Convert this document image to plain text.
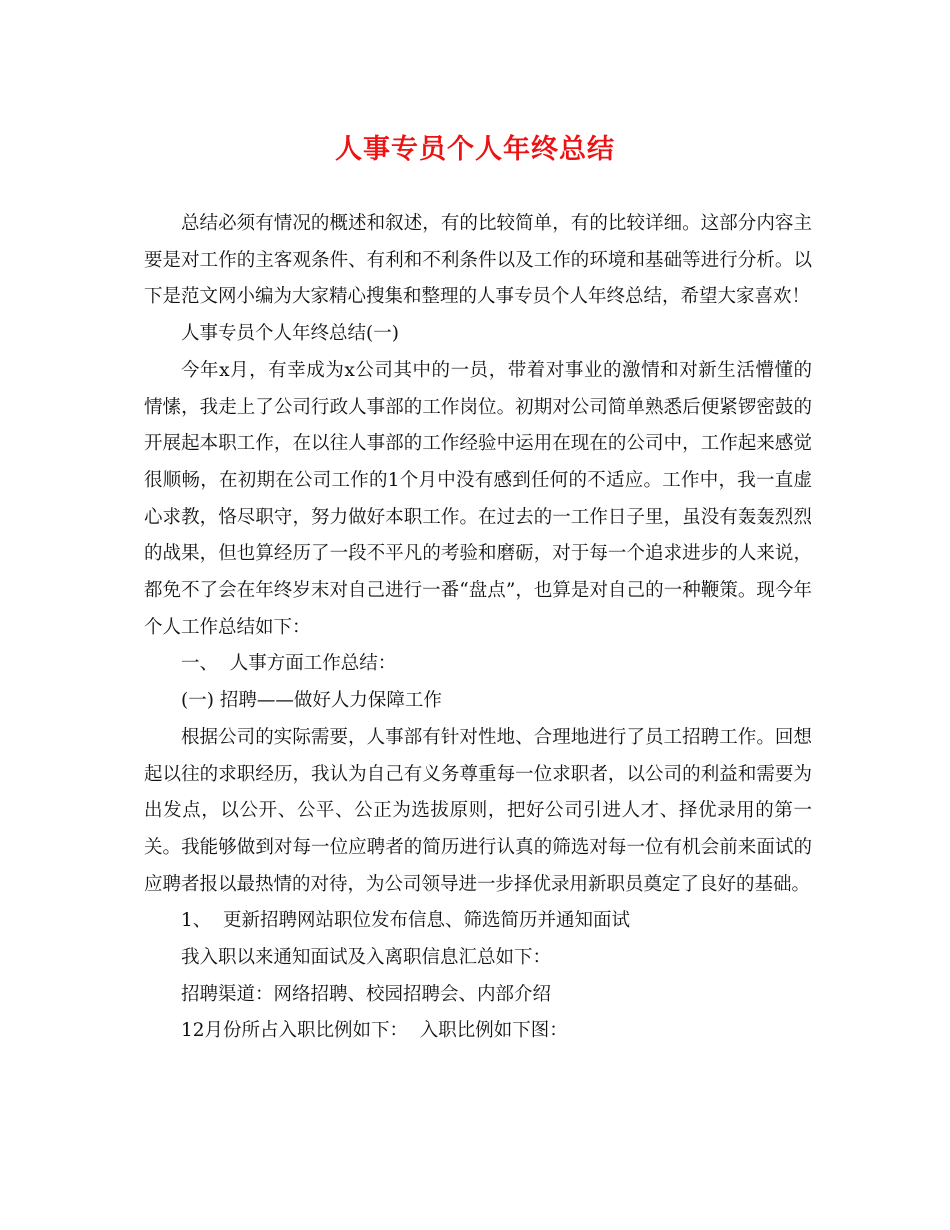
人事专员个人年终总结

总结必须有情况的概述和叙述，有的比较简单，有的比较详细。这部分内容主要是对工作的主客观条件、有利和不利条件以及工作的环境和基础等进行分析。以下是范文网小编为大家精心搜集和整理的人事专员个人年终总结，希望大家喜欢！

人事专员个人年终总结(一)

今年x月，有幸成为x公司其中的一员，带着对事业的激情和对新生活懵懂的情愫，我走上了公司行政人事部的工作岗位。初期对公司简单熟悉后便紧锣密鼓的开展起本职工作，在以往人事部的工作经验中运用在现在的公司中，工作起来感觉很顺畅，在初期在公司工作的1个月中没有感到任何的不适应。工作中，我一直虚心求教，恪尽职守，努力做好本职工作。在过去的一工作日子里，虽没有轰轰烈烈的战果，但也算经历了一段不平凡的考验和磨砺，对于每一个追求进步的人来说，都免不了会在年终岁末对自己进行一番“盘点”，也算是对自己的一种鞭策。现今年个人工作总结如下：

一、  人事方面工作总结：

(一) 招聘——做好人力保障工作

根据公司的实际需要，人事部有针对性地、合理地进行了员工招聘工作。回想起以往的求职经历，我认为自己有义务尊重每一位求职者，以公司的利益和需要为出发点，以公开、公平、公正为选拔原则，把好公司引进人才、择优录用的第一关。我能够做到对每一位应聘者的简历进行认真的筛选对每一位有机会前来面试的应聘者报以最热情的对待，为公司领导进一步择优录用新职员奠定了良好的基础。

1、  更新招聘网站职位发布信息、筛选简历并通知面试

我入职以来通知面试及入离职信息汇总如下：

招聘渠道：网络招聘、校园招聘会、内部介绍

12月份所占入职比例如下：  入职比例如下图：
